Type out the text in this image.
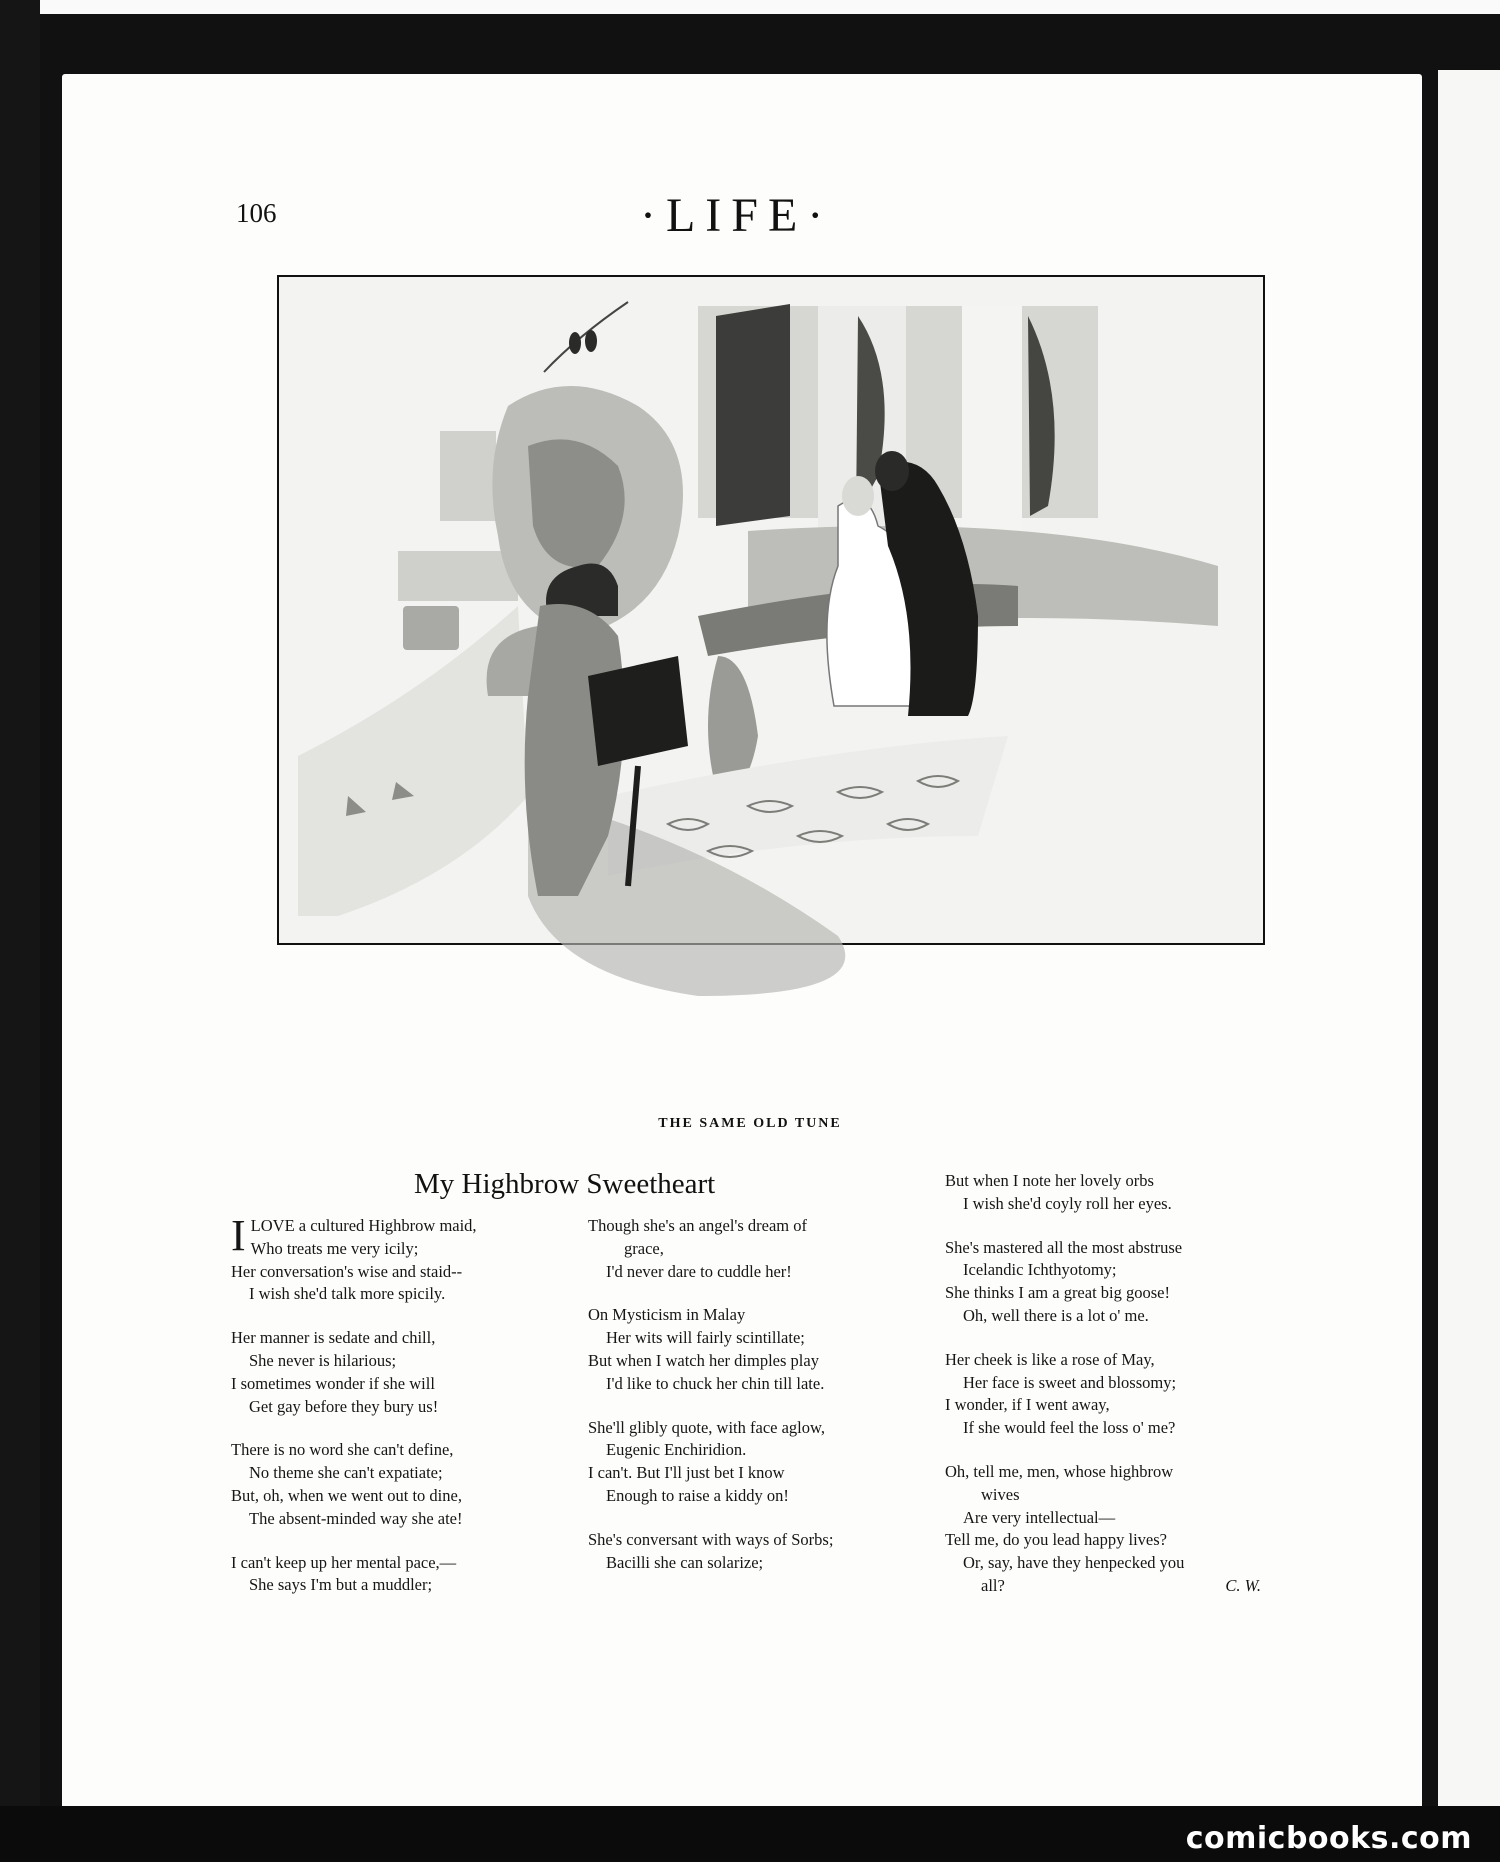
106	·LIFE·
THE SAME OLD TUNE
My Highbrow Sweetheart
I LOVE a cultured Highbrow maid,
Who treats me very icily;
Her conversation's wise and staid--
I wish she'd talk more spicily.
Her manner is sedate and chill,
She never is hilarious;
I sometimes wonder if she will
Get gay before they bury us!
There is no word she can't define,
No theme she can't expatiate;
But, oh, when we went out to dine,
The absent-minded way she ate!
I can't keep up her mental pace,—
She says I'm but a muddler;
Though she's an angel's dream of
grace,
I'd never dare to cuddle her!
On Mysticism in Malay
Her wits will fairly scintillate;
But when I watch her dimples play
I'd like to chuck her chin till late.
She'll glibly quote, with face aglow,
Eugenic Enchiridion.
I can't. But I'll just bet I know
Enough to raise a kiddy on!
She's conversant with ways of Sorbs;
Bacilli she can solarize;
But when I note her lovely orbs
I wish she'd coyly roll her eyes.
She's mastered all the most abstruse
Icelandic Ichthyotomy;
She thinks I am a great big goose!
Oh, well there is a lot o' me.
Her cheek is like a rose of May,
Her face is sweet and blossomy;
I wonder, if I went away,
If she would feel the loss o' me?
Oh, tell me, men, whose highbrow
wives
Are very intellectual—
Tell me, do you lead happy lives?
Or, say, have they henpecked you
all?	C. W.
comicbooks.com
